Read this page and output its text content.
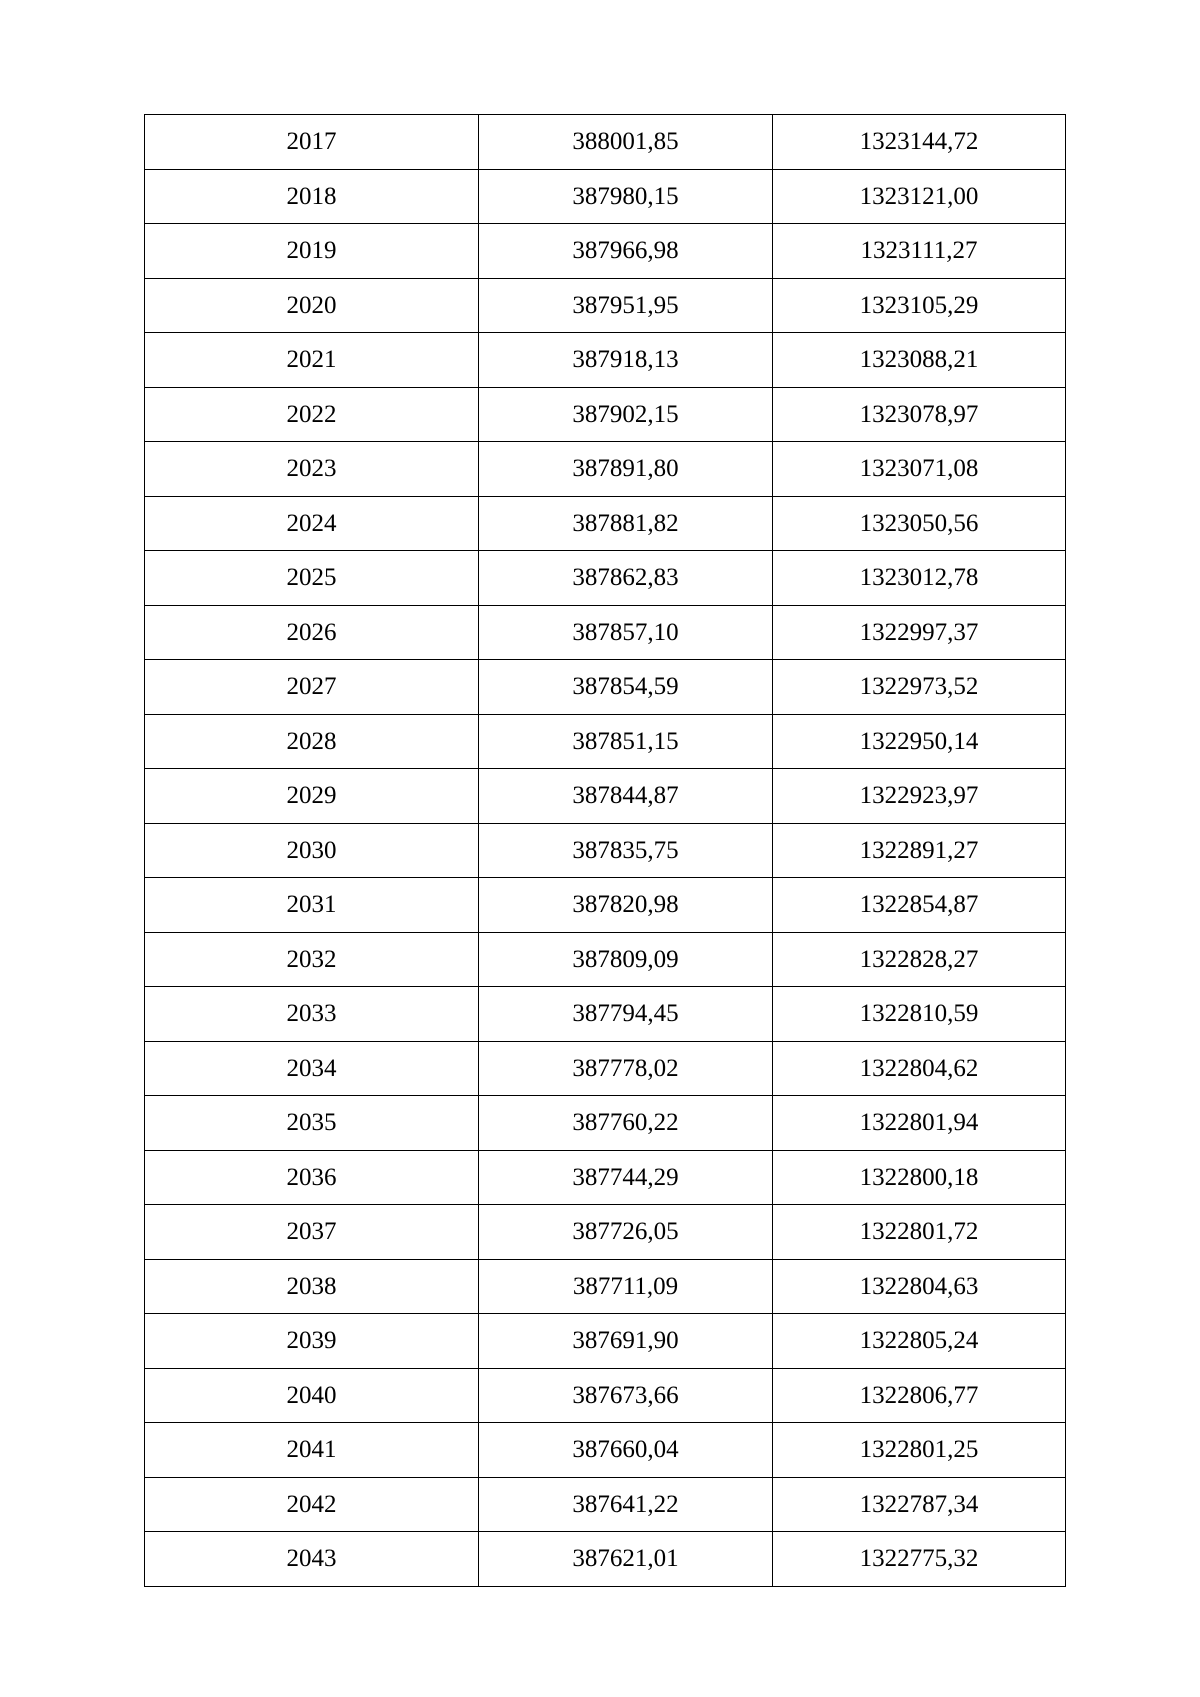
2017	388001,85	1323144,72
2018	387980,15	1323121,00
2019	387966,98	1323111,27
2020	387951,95	1323105,29
2021	387918,13	1323088,21
2022	387902,15	1323078,97
2023	387891,80	1323071,08
2024	387881,82	1323050,56
2025	387862,83	1323012,78
2026	387857,10	1322997,37
2027	387854,59	1322973,52
2028	387851,15	1322950,14
2029	387844,87	1322923,97
2030	387835,75	1322891,27
2031	387820,98	1322854,87
2032	387809,09	1322828,27
2033	387794,45	1322810,59
2034	387778,02	1322804,62
2035	387760,22	1322801,94
2036	387744,29	1322800,18
2037	387726,05	1322801,72
2038	387711,09	1322804,63
2039	387691,90	1322805,24
2040	387673,66	1322806,77
2041	387660,04	1322801,25
2042	387641,22	1322787,34
2043	387621,01	1322775,32
